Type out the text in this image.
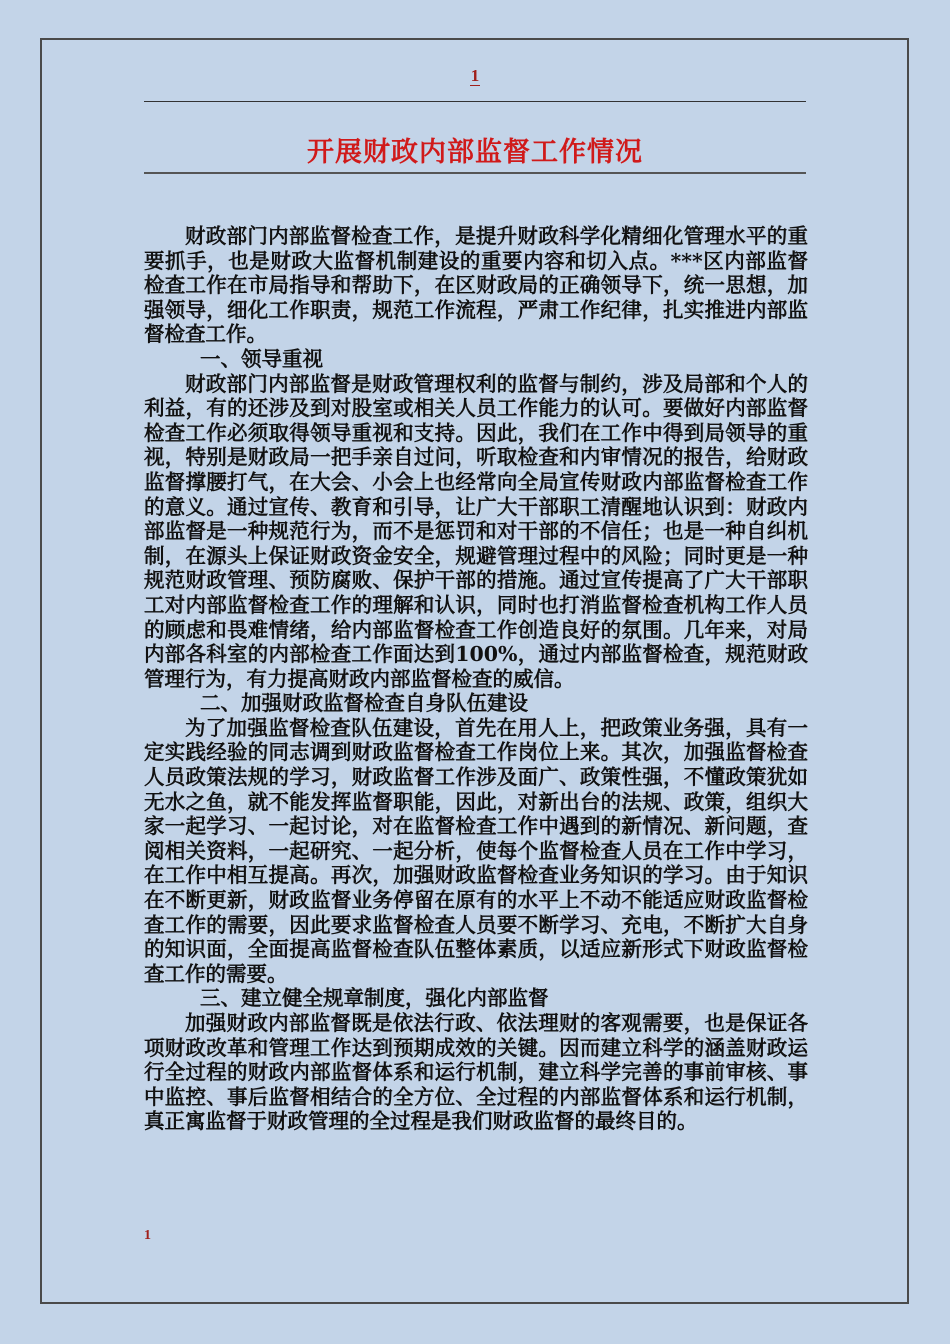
1
开展财政内部监督工作情况

财政部门内部监督检查工作，是提升财政科学化精细化管理水平的重要抓手，也是财政大监督机制建设的重要内容和切入点。***区内部监督检查工作在市局指导和帮助下，在区财政局的正确领导下，统一思想，加强领导，细化工作职责，规范工作流程，严肃工作纪律，扎实推进内部监督检查工作。

一、领导重视

财政部门内部监督是财政管理权利的监督与制约，涉及局部和个人的利益，有的还涉及到对股室或相关人员工作能力的认可。要做好内部监督检查工作必须取得领导重视和支持。因此，我们在工作中得到局领导的重视，特别是财政局一把手亲自过问，听取检查和内审情况的报告，给财政监督撑腰打气，在大会、小会上也经常向全局宣传财政内部监督检查工作的意义。通过宣传、教育和引导，让广大干部职工清醒地认识到：财政内部监督是一种规范行为，而不是惩罚和对干部的不信任；也是一种自纠机制，在源头上保证财政资金安全，规避管理过程中的风险；同时更是一种规范财政管理、预防腐败、保护干部的措施。通过宣传提高了广大干部职工对内部监督检查工作的理解和认识，同时也打消监督检查机构工作人员的顾虑和畏难情绪，给内部监督检查工作创造良好的氛围。几年来，对局内部各科室的内部检查工作面达到100%，通过内部监督检查，规范财政管理行为，有力提高财政内部监督检查的威信。

二、加强财政监督检查自身队伍建设

为了加强监督检查队伍建设，首先在用人上，把政策业务强，具有一定实践经验的同志调到财政监督检查工作岗位上来。其次，加强监督检查人员政策法规的学习，财政监督工作涉及面广、政策性强，不懂政策犹如无水之鱼，就不能发挥监督职能，因此，对新出台的法规、政策，组织大家一起学习、一起讨论，对在监督检查工作中遇到的新情况、新问题，查阅相关资料，一起研究、一起分析，使每个监督检查人员在工作中学习，在工作中相互提高。再次，加强财政监督检查业务知识的学习。由于知识在不断更新，财政监督业务停留在原有的水平上不动不能适应财政监督检查工作的需要，因此要求监督检查人员要不断学习、充电，不断扩大自身的知识面，全面提高监督检查队伍整体素质，以适应新形式下财政监督检查工作的需要。

三、建立健全规章制度，强化内部监督

加强财政内部监督既是依法行政、依法理财的客观需要，也是保证各项财政改革和管理工作达到预期成效的关键。因而建立科学的涵盖财政运行全过程的财政内部监督体系和运行机制，建立科学完善的事前审核、事中监控、事后监督相结合的全方位、全过程的内部监督体系和运行机制，真正寓监督于财政管理的全过程是我们财政监督的最终目的。

1
